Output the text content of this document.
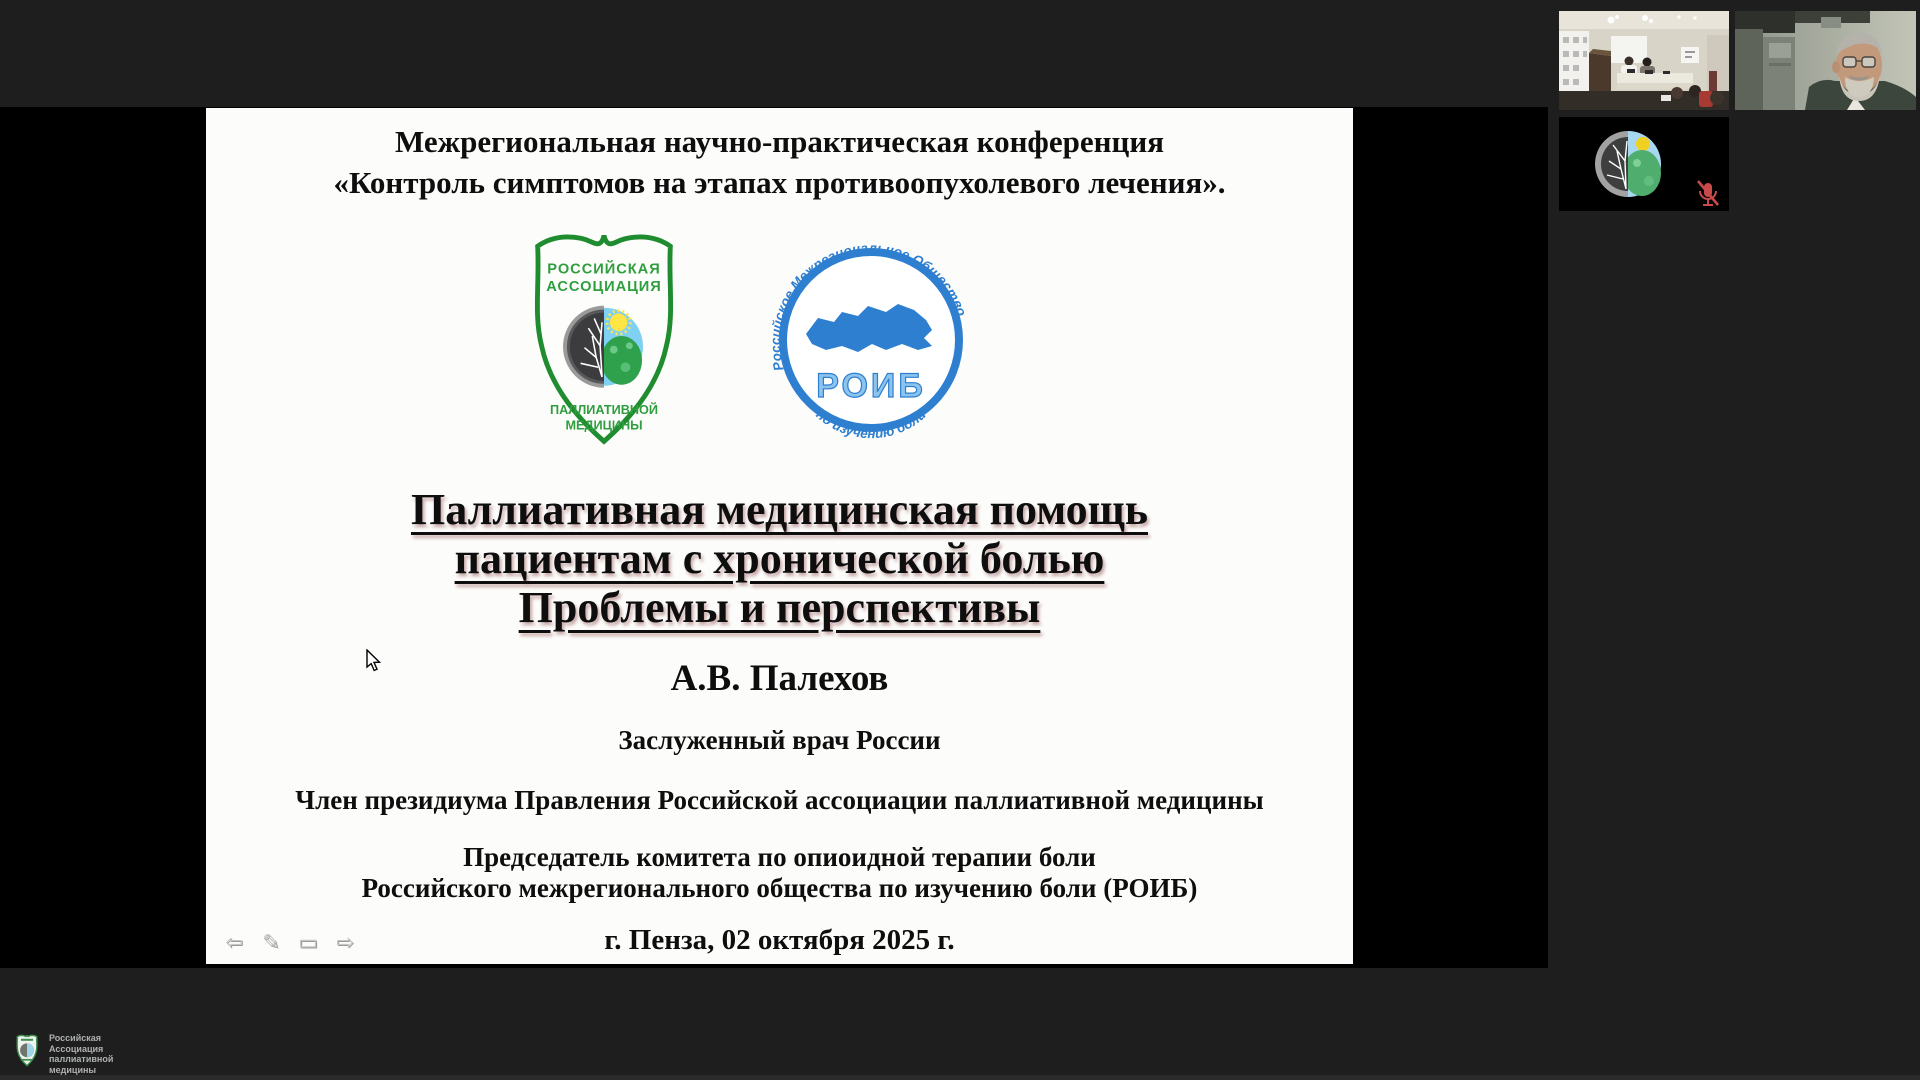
Межрегиональная научно-практическая конференция
«Контроль симптомов на этапах противоопухолевого лечения».
РОССИЙСКАЯ
АССОЦИАЦИЯ
ПАЛЛИАТИВНОЙ
МЕДИЦИНЫ
Российское Межрегиональное Общество
по изучению боли
РОИБ
Паллиативная медицинская помощь
пациентам с хронической болью
Проблемы и перспективы
А.В. Палехов
Заслуженный врач России
Член президиума Правления Российской ассоциации паллиативной медицины
Председатель комитета по опиоидной терапии боли
Российского межрегионального общества по изучению боли (РОИБ)
г. Пенза, 02 октября 2025 г.
⇦ ✎ ▭ ⇨
Российская
Ассоциация
паллиативной
медицины
